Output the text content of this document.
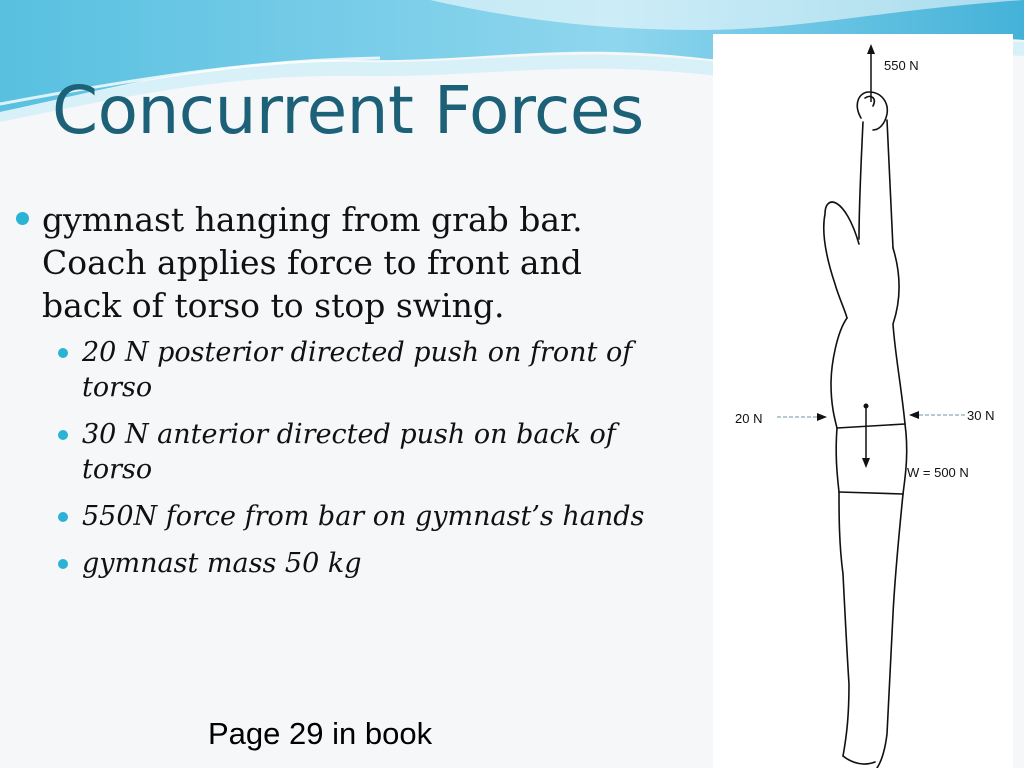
Concurrent Forces
gymnast hanging from grab bar. Coach applies force to front and back of torso to stop swing.
20 N posterior directed push on front of torso
30 N anterior directed push on back of torso
550N force from bar on gymnast’s hands
gymnast mass 50 kg
Page 29 in book
550 N
20 N	30 N
W = 500 N
